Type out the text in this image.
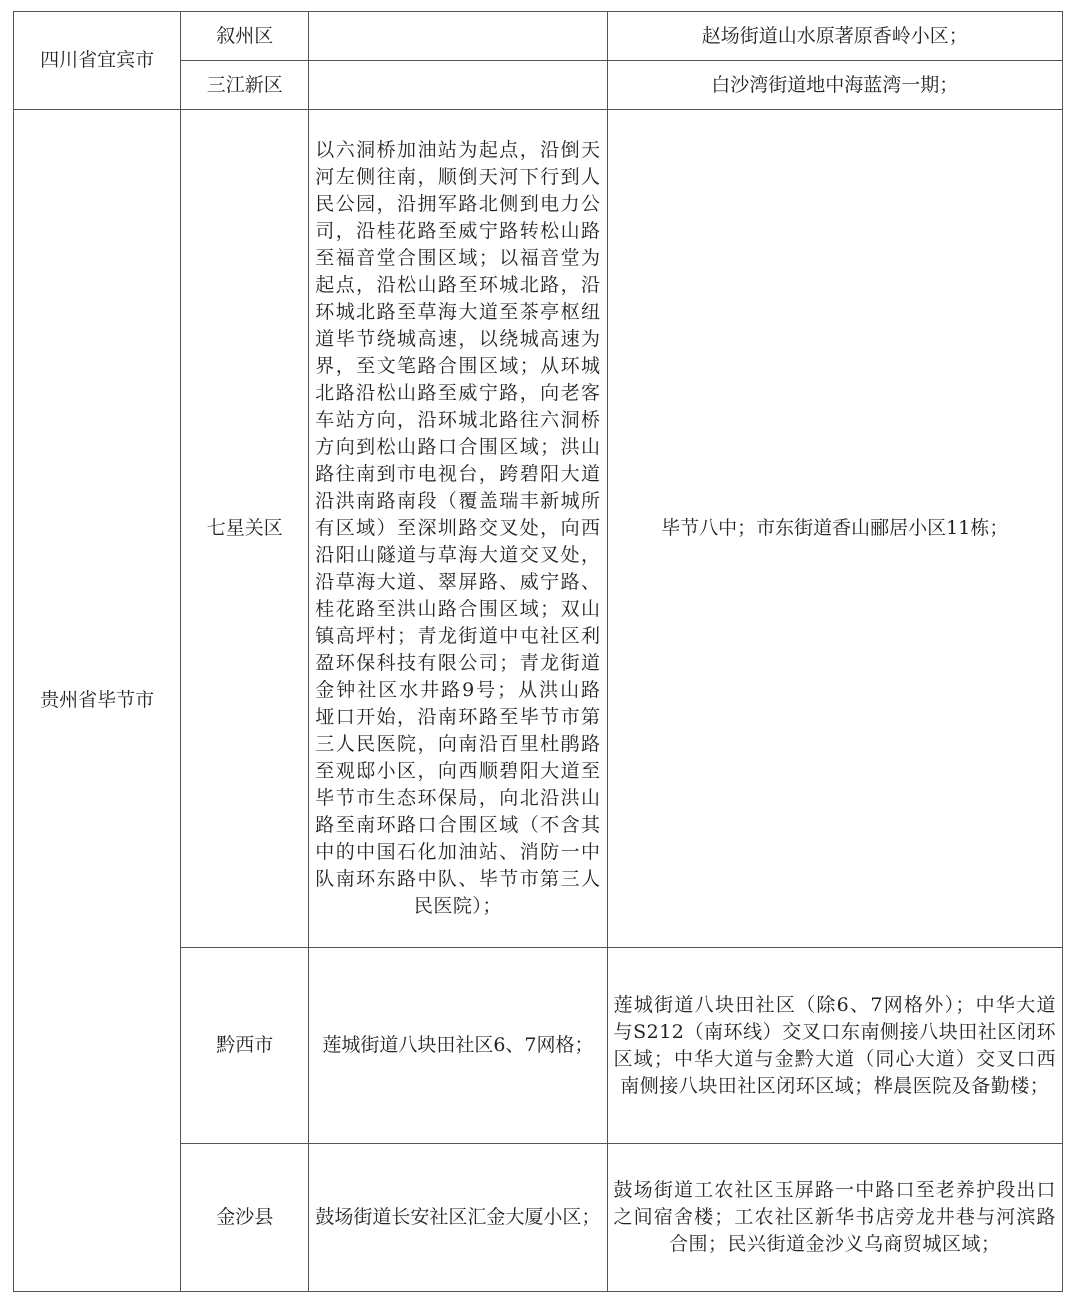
四川省宜宾市	叙州区		赵场街道山水原著原香岭小区；
	三江新区		白沙湾街道地中海蓝湾一期；
贵州省毕节市	七星关区	以六洞桥加油站为起点，沿倒天河左侧往南，顺倒天河下行到人民公园，沿拥军路北侧到电力公司，沿桂花路至威宁路转松山路至福音堂合围区域；以福音堂为起点，沿松山路至环城北路，沿环城北路至草海大道至茶亭枢纽道毕节绕城高速，以绕城高速为界，至文笔路合围区域；从环城北路沿松山路至威宁路，向老客车站方向，沿环城北路往六洞桥方向到松山路口合围区域；洪山路往南到市电视台，跨碧阳大道沿洪南路南段（覆盖瑞丰新城所有区域）至深圳路交叉处，向西沿阳山隧道与草海大道交叉处，沿草海大道、翠屏路、威宁路、桂花路至洪山路合围区域；双山镇高坪村；青龙街道中屯社区利盈环保科技有限公司；青龙街道金钟社区水井路9号；从洪山路垭口开始，沿南环路至毕节市第三人民医院，向南沿百里杜鹃路至观邸小区，向西顺碧阳大道至毕节市生态环保局，向北沿洪山路至南环路口合围区域（不含其中的中国石化加油站、消防一中队南环东路中队、毕节市第三人民医院）；	毕节八中；市东街道香山郦居小区11栋；
	黔西市	莲城街道八块田社区6、7网格；	莲城街道八块田社区（除6、7网格外）；中华大道与S212（南环线）交叉口东南侧接八块田社区闭环区域；中华大道与金黔大道（同心大道）交叉口西南侧接八块田社区闭环区域；桦晨医院及备勤楼；
	金沙县	鼓场街道长安社区汇金大厦小区；	鼓场街道工农社区玉屏路一中路口至老养护段出口之间宿舍楼；工农社区新华书店旁龙井巷与河滨路合围；民兴街道金沙义乌商贸城区域；
